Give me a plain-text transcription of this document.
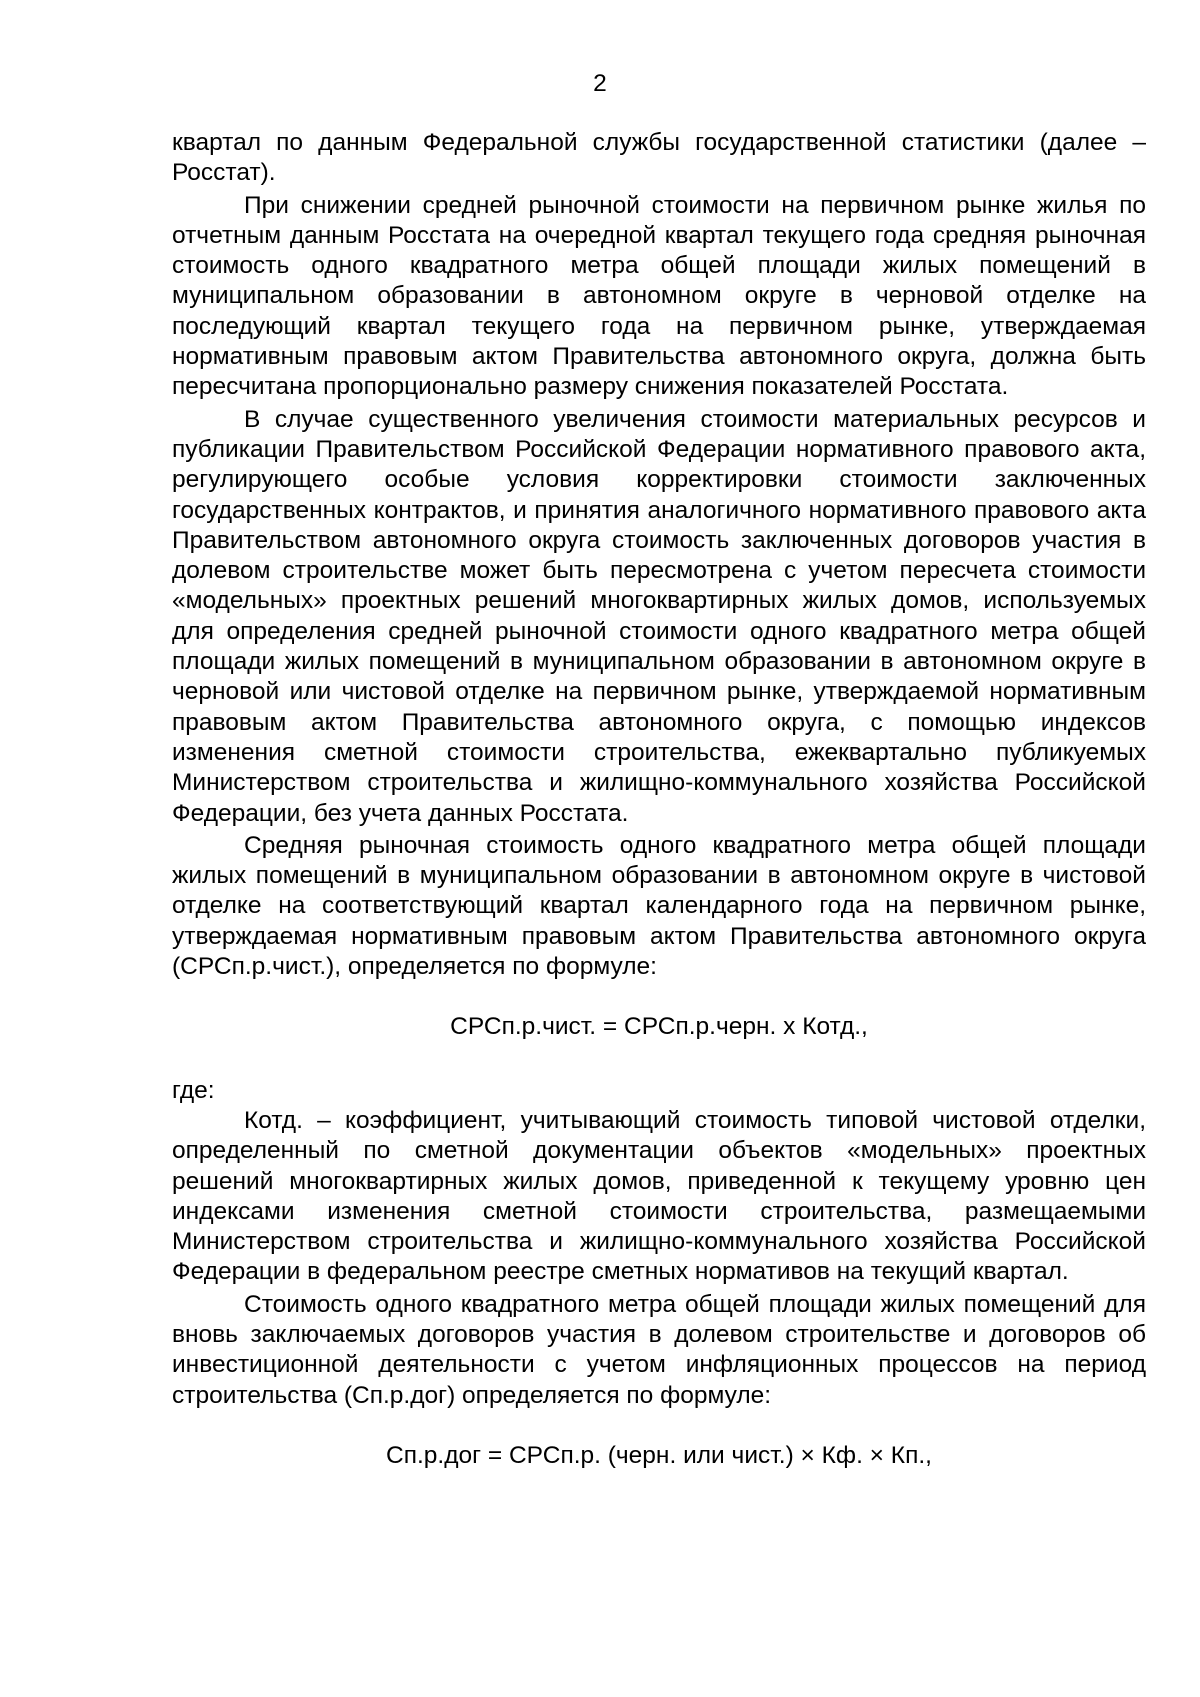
2

квартал по данным Федеральной службы государственной статистики (далее – Росстат).

При снижении средней рыночной стоимости на первичном рынке жилья по отчетным данным Росстата на очередной квартал текущего года средняя рыночная стоимость одного квадратного метра общей площади жилых помещений в муниципальном образовании в автономном округе в черновой отделке на последующий квартал текущего года на первичном рынке, утверждаемая нормативным правовым актом Правительства автономного округа, должна быть пересчитана пропорционально размеру снижения показателей Росстата.

В случае существенного увеличения стоимости материальных ресурсов и публикации Правительством Российской Федерации нормативного правового акта, регулирующего особые условия корректировки стоимости заключенных государственных контрактов, и принятия аналогичного нормативного правового акта Правительством автономного округа стоимость заключенных договоров участия в долевом строительстве может быть пересмотрена с учетом пересчета стоимости «модельных» проектных решений многоквартирных жилых домов, используемых для определения средней рыночной стоимости одного квадратного метра общей площади жилых помещений в муниципальном образовании в автономном округе в черновой или чистовой отделке на первичном рынке, утверждаемой нормативным правовым актом Правительства автономного округа, с помощью индексов изменения сметной стоимости строительства, ежеквартально публикуемых Министерством строительства и жилищно-коммунального хозяйства Российской Федерации, без учета данных Росстата.

Средняя рыночная стоимость одного квадратного метра общей площади жилых помещений в муниципальном образовании в автономном округе в чистовой отделке на соответствующий квартал календарного года на первичном рынке, утверждаемая нормативным правовым актом Правительства автономного округа (СРСп.р.чист.), определяется по формуле:

СРСп.р.чист. = СРСп.р.черн. х Котд.,

где:

Котд. – коэффициент, учитывающий стоимость типовой чистовой отделки, определенный по сметной документации объектов «модельных» проектных решений многоквартирных жилых домов, приведенной к текущему уровню цен индексами изменения сметной стоимости строительства, размещаемыми Министерством строительства и жилищно-коммунального хозяйства Российской Федерации в федеральном реестре сметных нормативов на текущий квартал.

Стоимость одного квадратного метра общей площади жилых помещений для вновь заключаемых договоров участия в долевом строительстве и договоров об инвестиционной деятельности с учетом инфляционных процессов на период строительства (Сп.р.дог) определяется по формуле:

Сп.р.дог = СРСп.р. (черн. или чист.) × Кф. × Кп.,
